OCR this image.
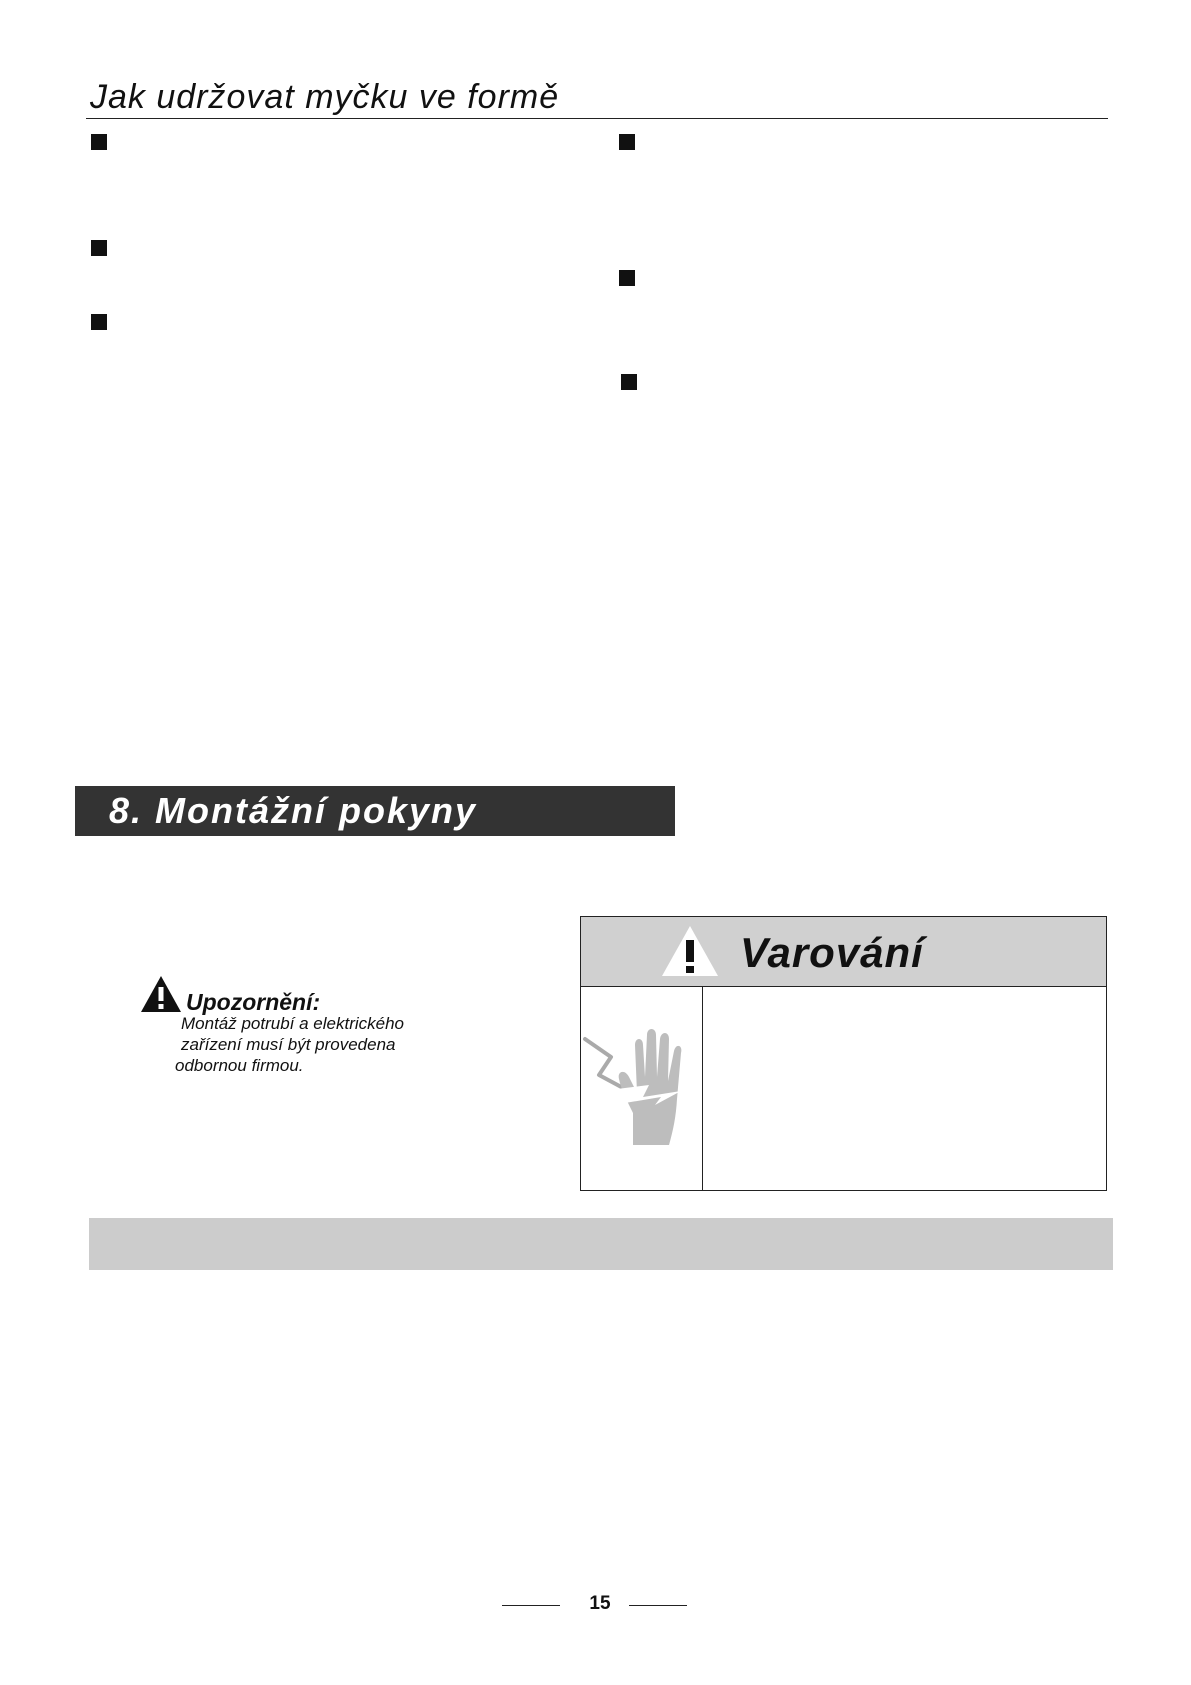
Jak udržovat myčku ve formě
8. Montážní pokyny
Upozornění:
Montáž potrubí a elektrického
zařízení musí být provedena
odbornou firmou.
Varování
15
